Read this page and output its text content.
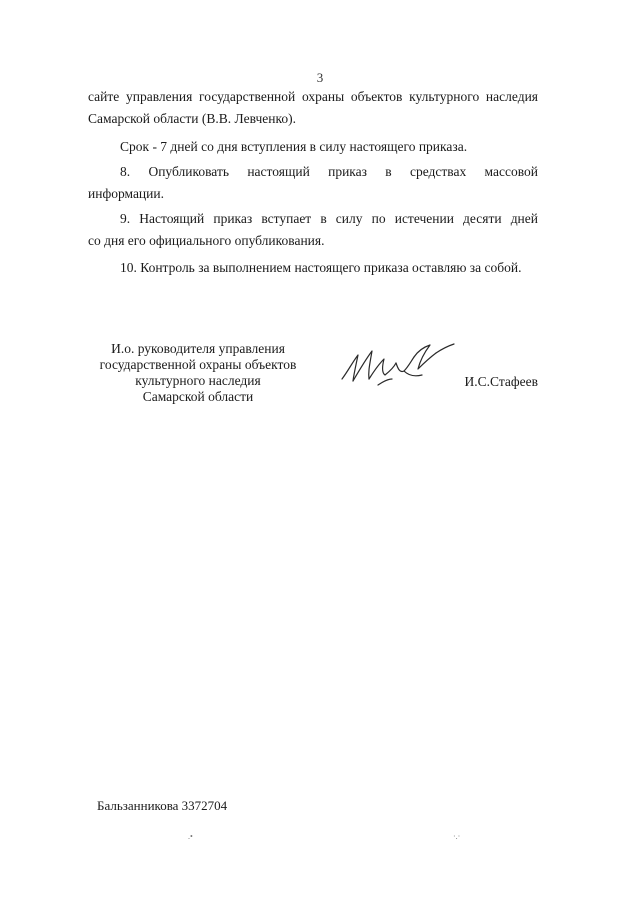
3

сайте управления государственной охраны объектов культурного наследия

Самарской области (В.В. Левченко).

Срок - 7 дней со дня вступления в силу настоящего приказа.

8. Опубликовать настоящий приказ в средствах массовой

информации.

9. Настоящий приказ вступает в силу по истечении десяти дней

со дня его официального опубликования.

10. Контроль за выполнением настоящего приказа оставляю за собой.

И.о. руководителя управления
государственной охраны объектов
культурного наследия
Самарской области
И.С.Стафеев
Бальзанникова 3372704
.•	·.·
